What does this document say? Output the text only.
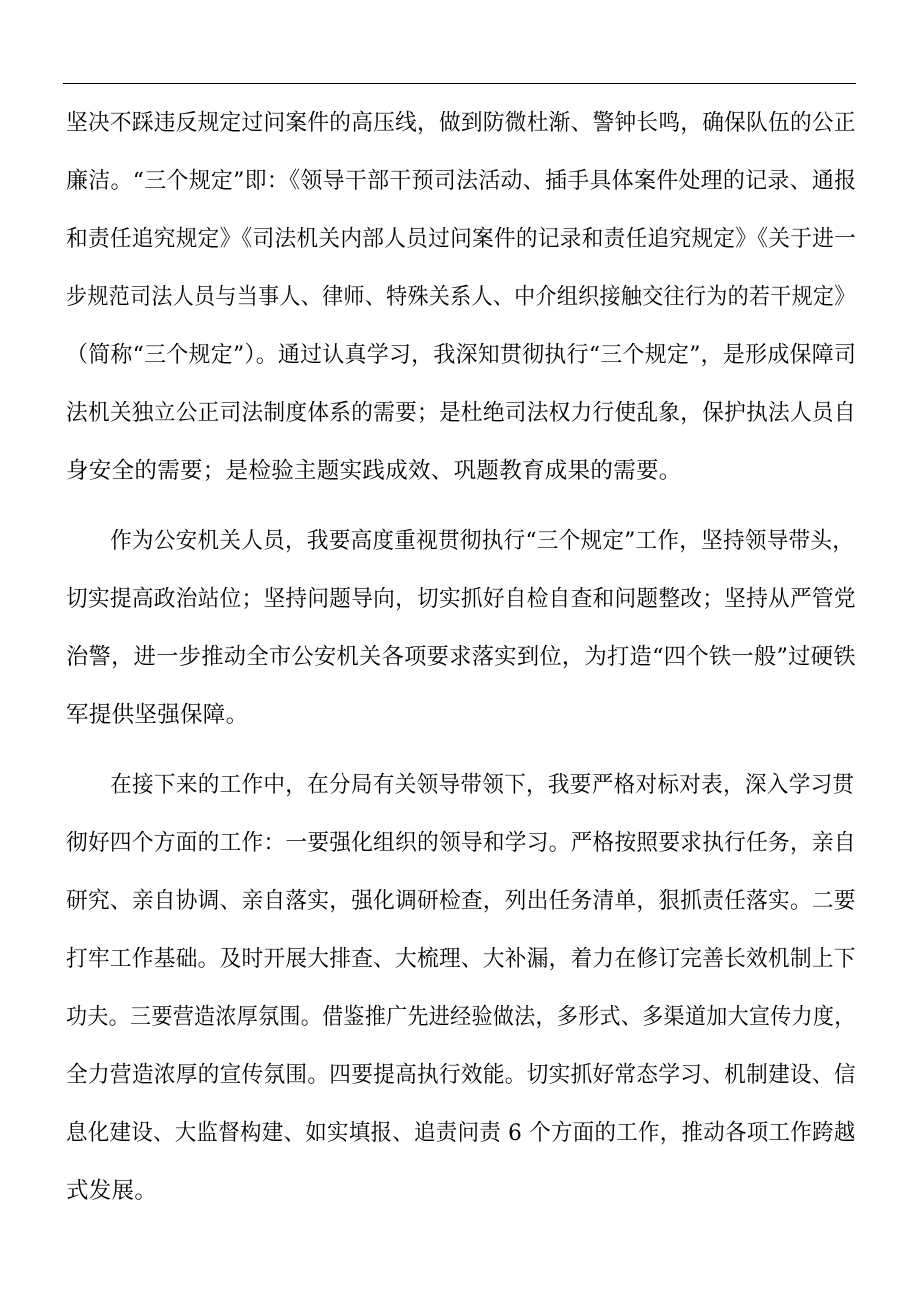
坚决不踩违反规定过问案件的高压线，做到防微杜渐、警钟长鸣，确保队伍的公正
廉洁。“三个规定”即：《领导干部干预司法活动、插手具体案件处理的记录、通报
和责任追究规定》《司法机关内部人员过问案件的记录和责任追究规定》《关于进一
步规范司法人员与当事人、律师、特殊关系人、中介组织接触交往行为的若干规定》
（简称“三个规定”）。通过认真学习，我深知贯彻执行“三个规定”，是形成保障司
法机关独立公正司法制度体系的需要；是杜绝司法权力行使乱象，保护执法人员自
身安全的需要；是检验主题实践成效、巩题教育成果的需要。
作为公安机关人员，我要高度重视贯彻执行“三个规定”工作，坚持领导带头，
切实提高政治站位；坚持问题导向，切实抓好自检自查和问题整改；坚持从严管党
治警，进一步推动全市公安机关各项要求落实到位，为打造“四个铁一般”过硬铁
军提供坚强保障。
在接下来的工作中，在分局有关领导带领下，我要严格对标对表，深入学习贯
彻好四个方面的工作：一要强化组织的领导和学习。严格按照要求执行任务，亲自
研究、亲自协调、亲自落实，强化调研检查，列出任务清单，狠抓责任落实。二要
打牢工作基础。及时开展大排查、大梳理、大补漏，着力在修订完善长效机制上下
功夫。三要营造浓厚氛围。借鉴推广先进经验做法，多形式、多渠道加大宣传力度，
全力营造浓厚的宣传氛围。四要提高执行效能。切实抓好常态学习、机制建设、信
息化建设、大监督构建、如实填报、追责问责 6 个方面的工作，推动各项工作跨越
式发展。
